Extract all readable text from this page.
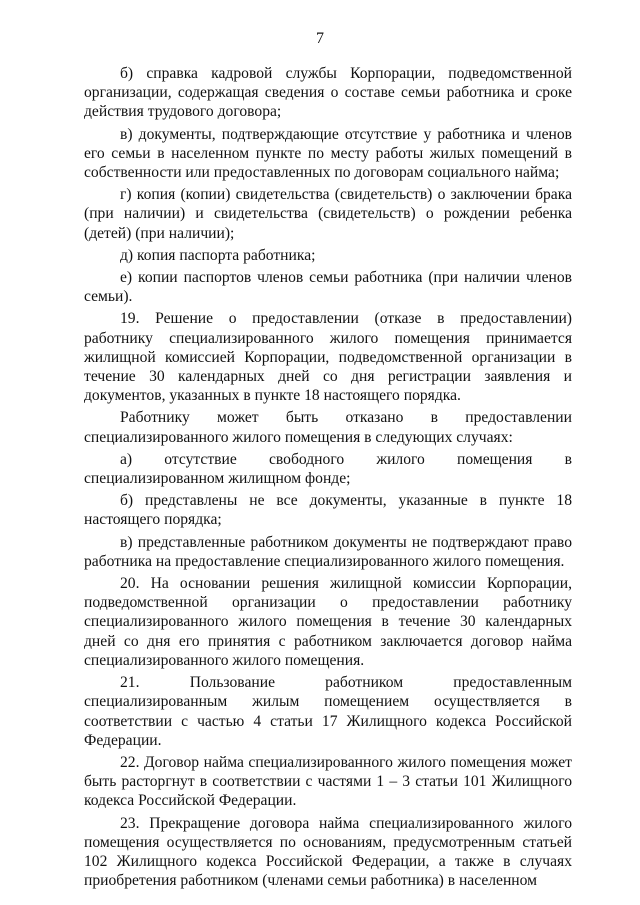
7

б) справка кадровой службы Корпорации, подведомственной организации, содержащая сведения о составе семьи работника и сроке действия трудового договора;

в) документы, подтверждающие отсутствие у работника и членов его семьи в населенном пункте по месту работы жилых помещений в собственности или предоставленных по договорам социального найма;

г) копия (копии) свидетельства (свидетельств) о заключении брака (при наличии) и свидетельства (свидетельств) о рождении ребенка (детей) (при наличии);

д) копия паспорта работника;

е) копии паспортов членов семьи работника (при наличии членов семьи).

19. Решение о предоставлении (отказе в предоставлении) работнику специализированного жилого помещения принимается жилищной комиссией Корпорации, подведомственной организации в течение 30 календарных дней со дня регистрации заявления и документов, указанных в пункте 18 настоящего порядка.

Работнику может быть отказано в предоставлении специализированного жилого помещения в следующих случаях:

а) отсутствие свободного жилого помещения в специализированном жилищном фонде;

б) представлены не все документы, указанные в пункте 18 настоящего порядка;

в) представленные работником документы не подтверждают право работника на предоставление специализированного жилого помещения.

20. На основании решения жилищной комиссии Корпорации, подведомственной организации о предоставлении работнику специализированного жилого помещения в течение 30 календарных дней со дня его принятия с работником заключается договор найма специализированного жилого помещения.

21. Пользование работником предоставленным специализированным жилым помещением осуществляется в соответствии с частью 4 статьи 17 Жилищного кодекса Российской Федерации.

22. Договор найма специализированного жилого помещения может быть расторгнут в соответствии с частями 1 – 3 статьи 101 Жилищного кодекса Российской Федерации.

23. Прекращение договора найма специализированного жилого помещения осуществляется по основаниям, предусмотренным статьей 102 Жилищного кодекса Российской Федерации, а также в случаях приобретения работником (членами семьи работника) в населенном
